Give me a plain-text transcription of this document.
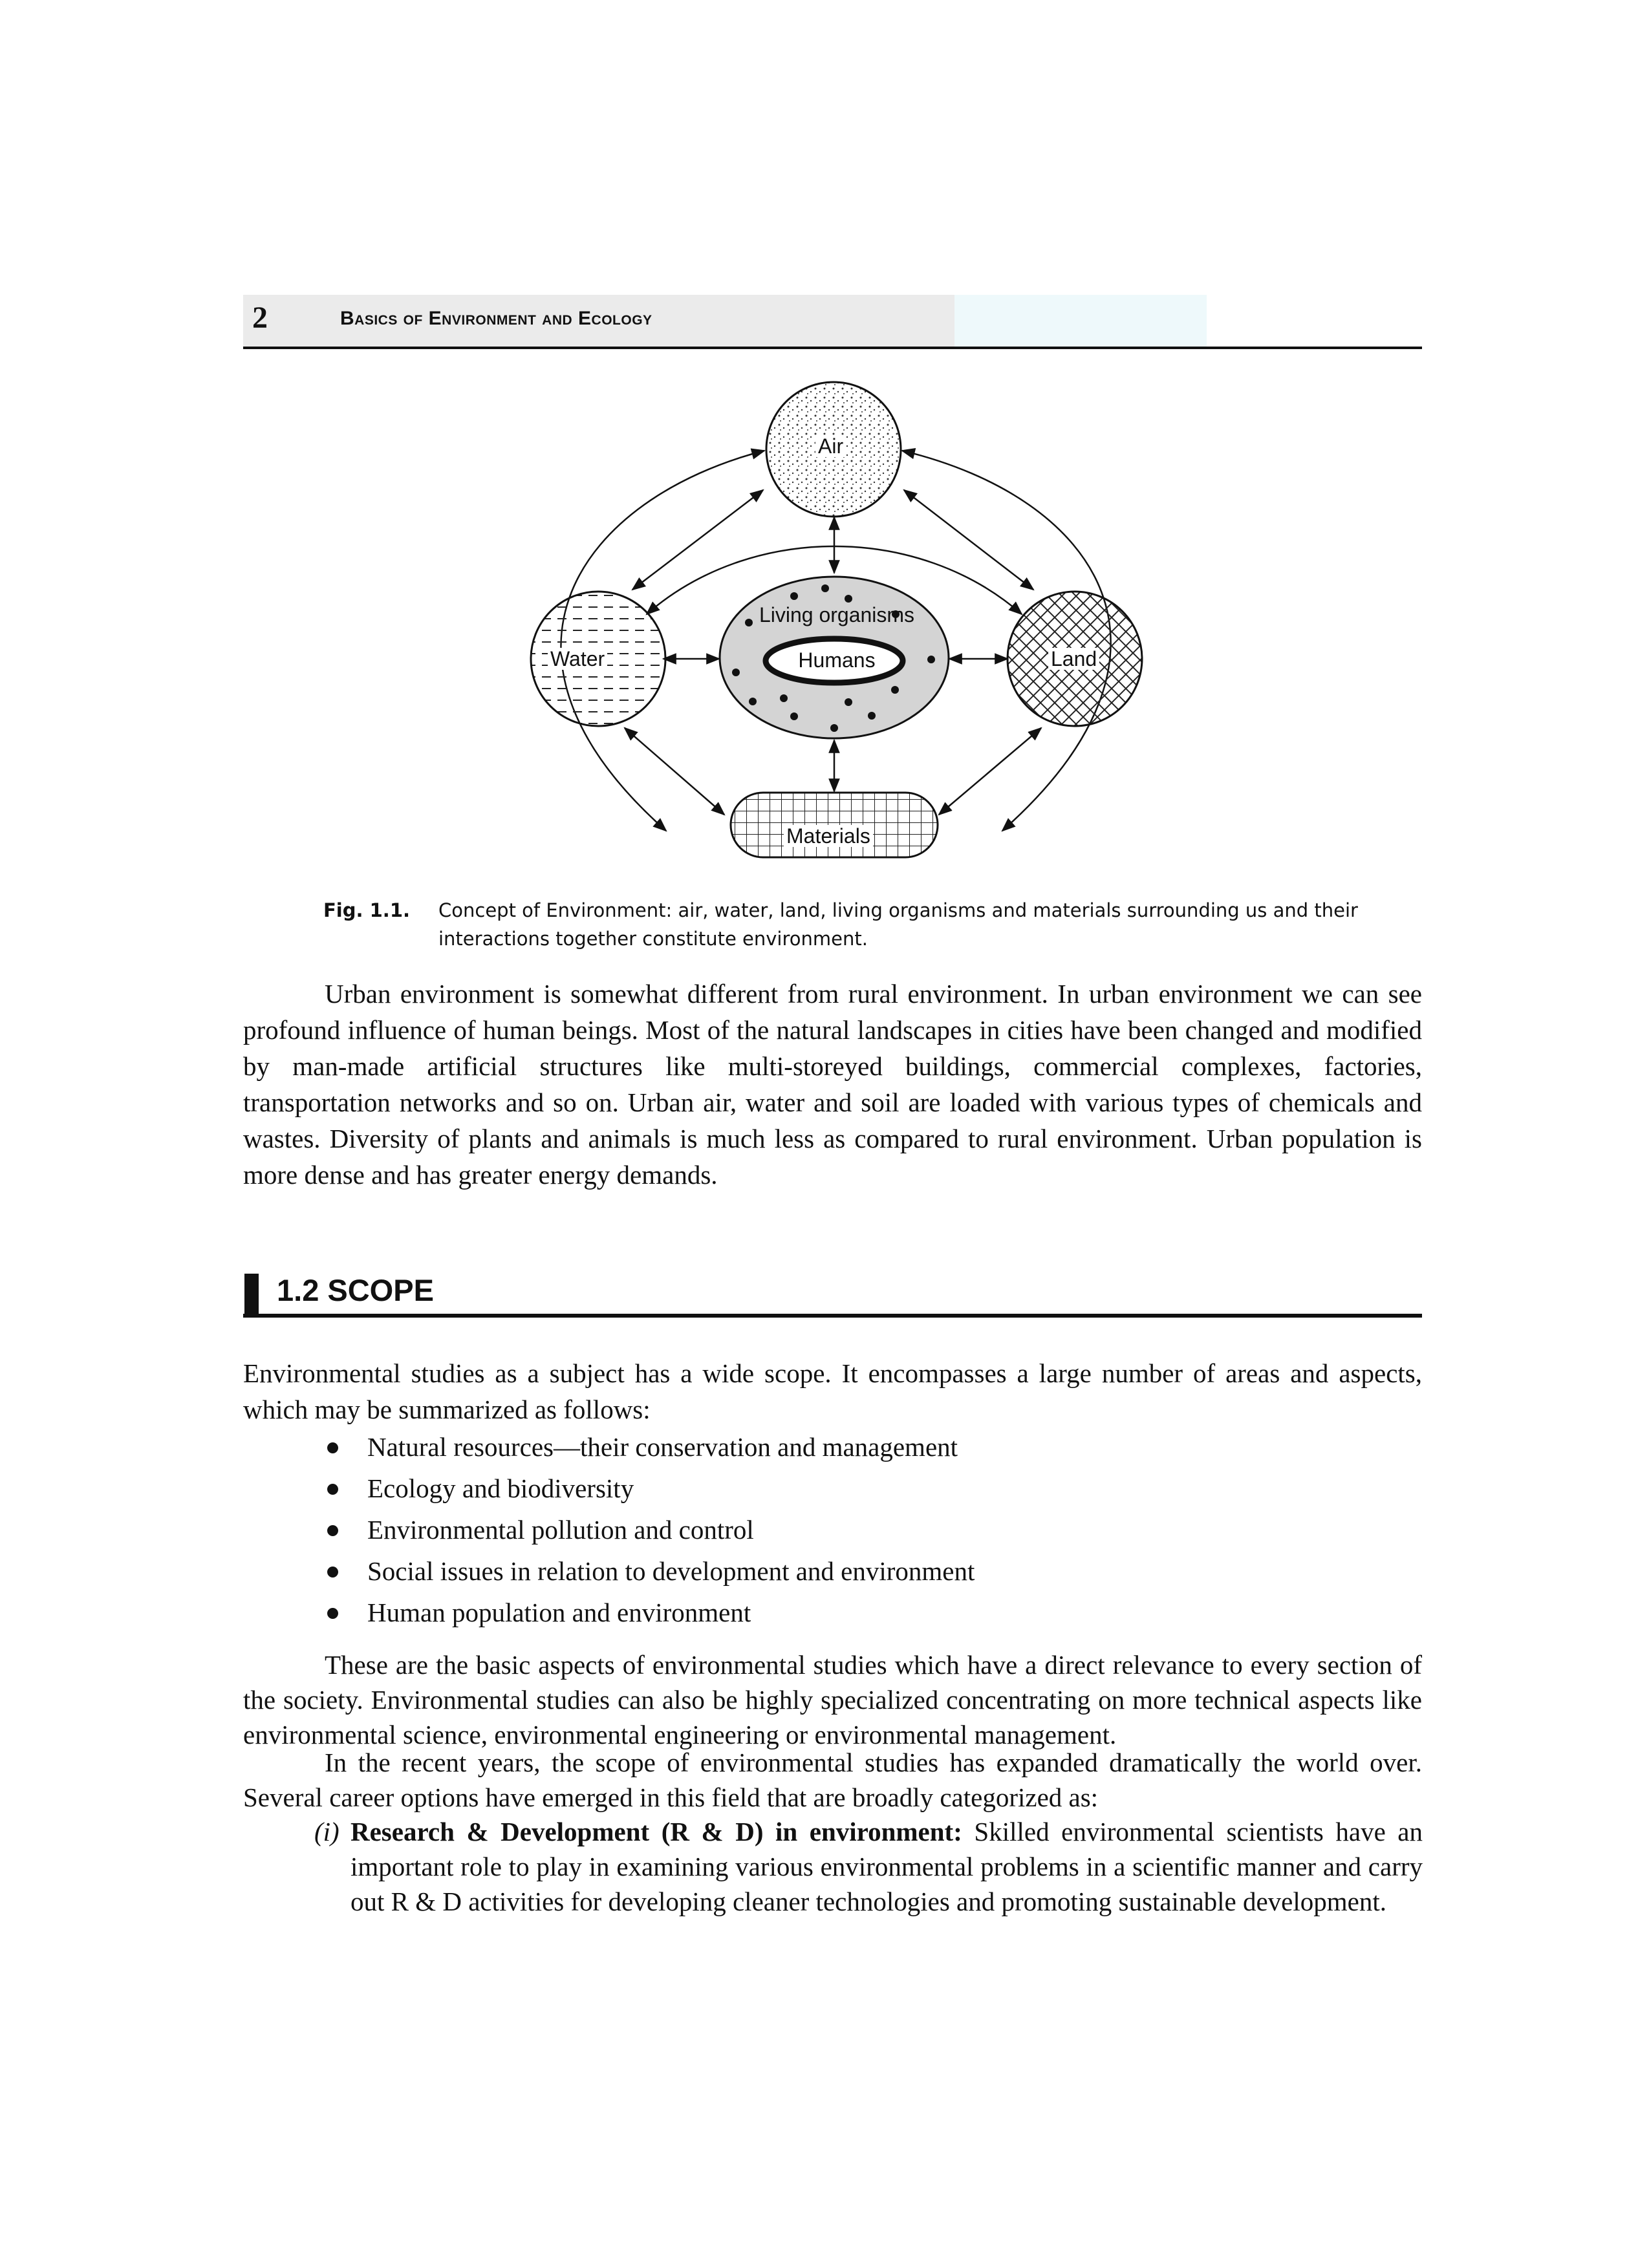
2	Basics of Environment and Ecology
Air
Water	Land
Living organisms
Humans
Materials
Fig. 1.1. Concept of Environment: air, water, land, living organisms and materials surrounding us and their interactions together constitute environment.

Urban environment is somewhat different from rural environment. In urban environment we can see profound influence of human beings. Most of the natural landscapes in cities have been changed and modified by man-made artificial structures like multi-storeyed buildings, commercial complexes, factories, transportation networks and so on. Urban air, water and soil are loaded with various types of chemicals and wastes. Diversity of plants and animals is much less as compared to rural environment. Urban population is more dense and has greater energy demands.

1.2 SCOPE

Environmental studies as a subject has a wide scope. It encompasses a large number of areas and aspects, which may be summarized as follows:

Natural resources—their conservation and management
Ecology and biodiversity
Environmental pollution and control
Social issues in relation to development and environment
Human population and environment

These are the basic aspects of environmental studies which have a direct relevance to every section of the society. Environmental studies can also be highly specialized concentrating on more technical aspects like environmental science, environmental engineering or environmental management.

In the recent years, the scope of environmental studies has expanded dramatically the world over. Several career options have emerged in this field that are broadly categorized as:

(i) Research & Development (R & D) in environment: Skilled environmental scientists have an important role to play in examining various environmental problems in a scientific manner and carry out R & D activities for developing cleaner technologies and promoting sustainable development.
